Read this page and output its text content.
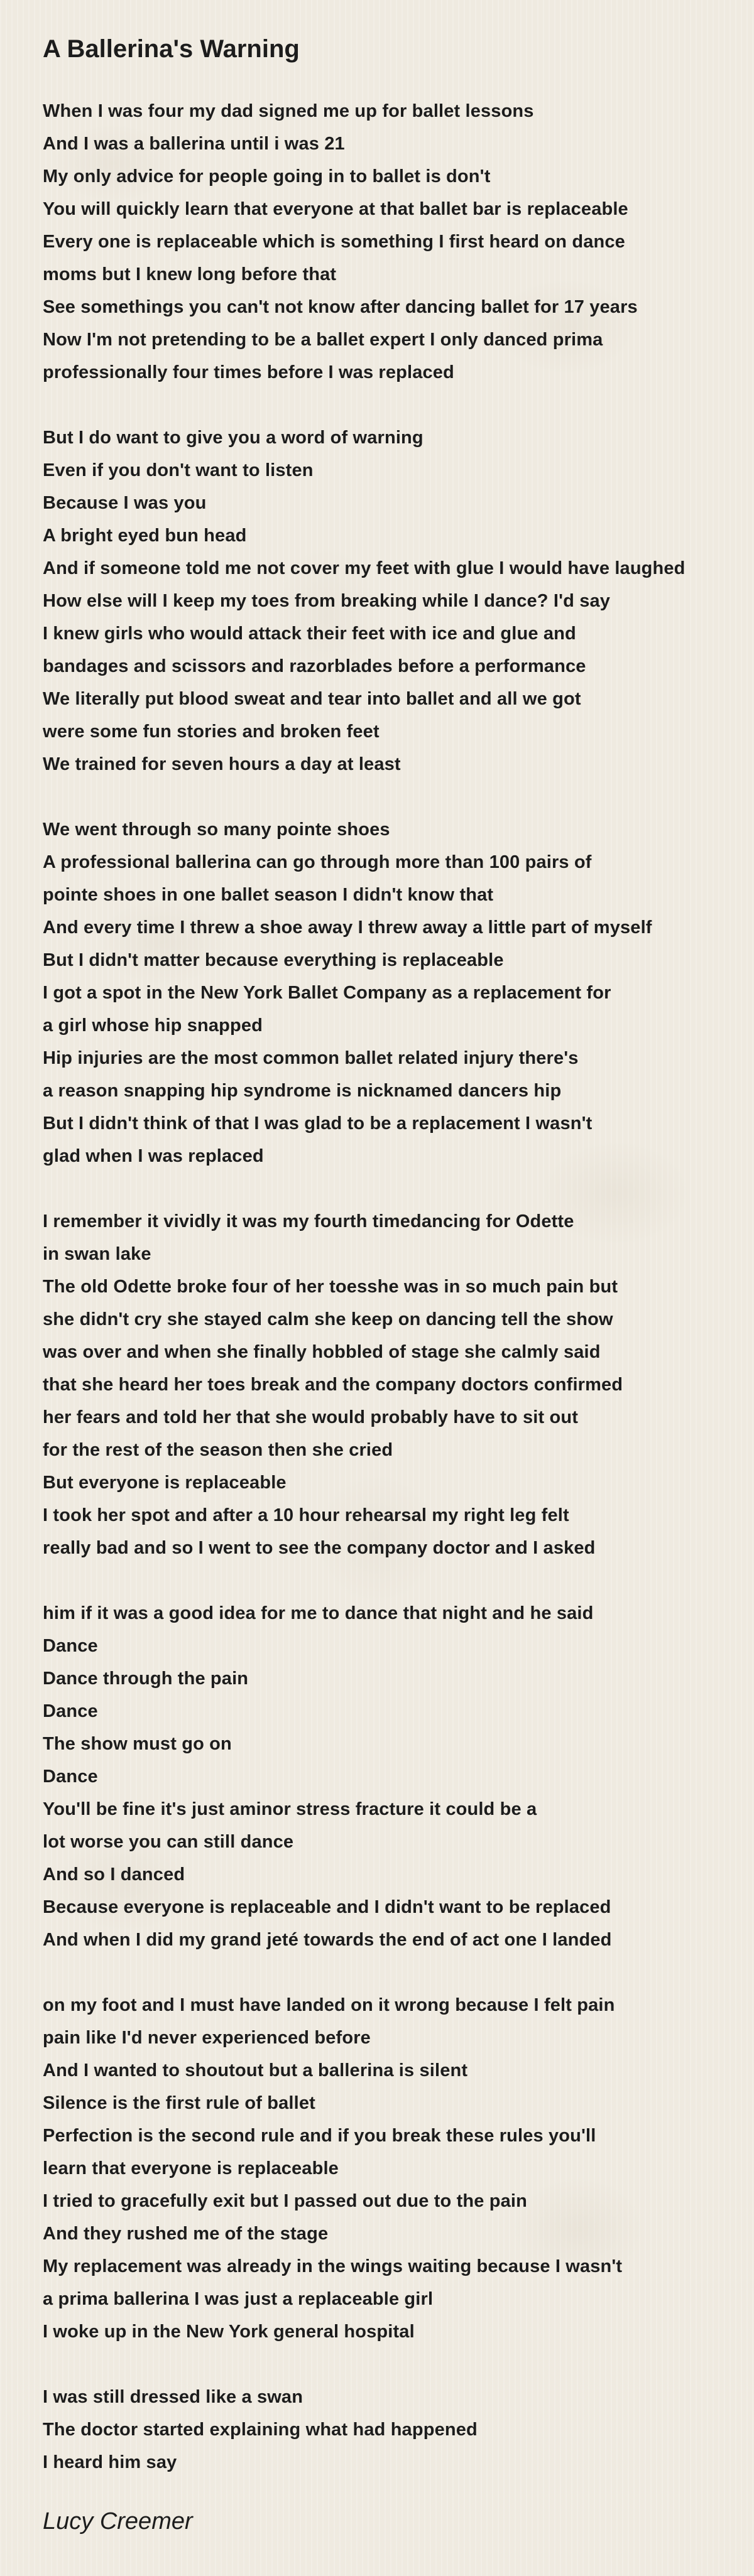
A Ballerina's Warning
When I was four my dad signed me up for ballet lessons
And I was a ballerina until i was 21
My only advice for people going in to ballet is don't
You will quickly learn that everyone at that ballet bar is replaceable
Every one is replaceable which is something I first heard on dance
moms but I knew long before that
See somethings you can't not know after dancing ballet for 17 years
Now I'm not pretending to be a ballet expert I only danced prima
professionally four times before I was replaced
But I do want to give you a word of warning
Even if you don't want to listen
Because I was you
A bright eyed bun head
And if someone told me not cover my feet with glue I would have laughed
How else will I keep my toes from breaking while I dance? I'd say
I knew girls who would attack their feet with ice and glue and
bandages and scissors and razorblades before a performance
We literally put blood sweat and tear into ballet and all we got
were some fun stories and broken feet
We trained for seven hours a day at least
We went through so many pointe shoes
A professional ballerina can go through more than 100 pairs of
pointe shoes in one ballet season I didn't know that
And every time I threw a shoe away I threw away a little part of myself
But I didn't matter because everything is replaceable
I got a spot in the New York Ballet Company as a replacement for
a girl whose hip snapped
Hip injuries are the most common ballet related injury there's
a reason snapping hip syndrome is nicknamed dancers hip
But I didn't think of that I was glad to be a replacement I wasn't
glad when I was replaced
I remember it vividly it was my fourth timedancing for Odette
in swan lake
The old Odette broke four of her toesshe was in so much pain but
she didn't cry she stayed calm she keep on dancing tell the show
was over and when she finally hobbled of stage she calmly said
that she heard her toes break and the company doctors confirmed
her fears and told her that she would probably have to sit out
for the rest of the season then she cried
But everyone is replaceable
I took her spot and after a 10 hour rehearsal my right leg felt
really bad and so I went to see the company doctor and I asked
him if it was a good idea for me to dance that night and he said
Dance
Dance through the pain
Dance
The show must go on
Dance
You'll be fine it's just aminor stress fracture it could be a
lot worse you can still dance
And so I danced
Because everyone is replaceable and I didn't want to be replaced
And when I did my grand jeté towards the end of act one I landed
on my foot and I must have landed on it wrong because I felt pain
pain like I'd never experienced before
And I wanted to shoutout but a ballerina is silent
Silence is the first rule of ballet
Perfection is the second rule and if you break these rules you'll
learn that everyone is replaceable
I tried to gracefully exit but I passed out due to the pain
And they rushed me of the stage
My replacement was already in the wings waiting because I wasn't
a prima ballerina I was just a replaceable girl
I woke up in the New York general hospital
I was still dressed like a swan
The doctor started explaining what had happened
I heard him say

Lucy Creemer
